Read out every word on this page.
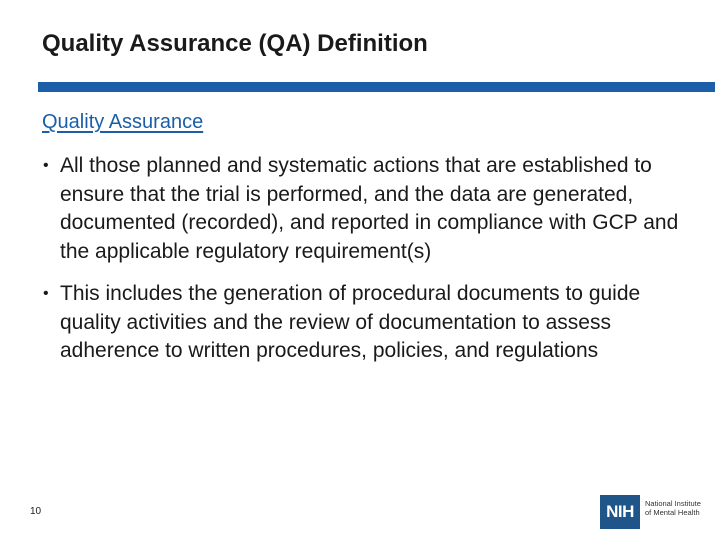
Quality Assurance (QA) Definition
Quality Assurance
• All those planned and systematic actions that are established to ensure that the trial is performed, and the data are generated, documented (recorded), and reported in compliance with GCP and the applicable regulatory requirement(s)
• This includes the generation of procedural documents to guide quality activities and the review of documentation to assess adherence to written procedures, policies, and regulations
10	NIH	National Institute
of Mental Health
